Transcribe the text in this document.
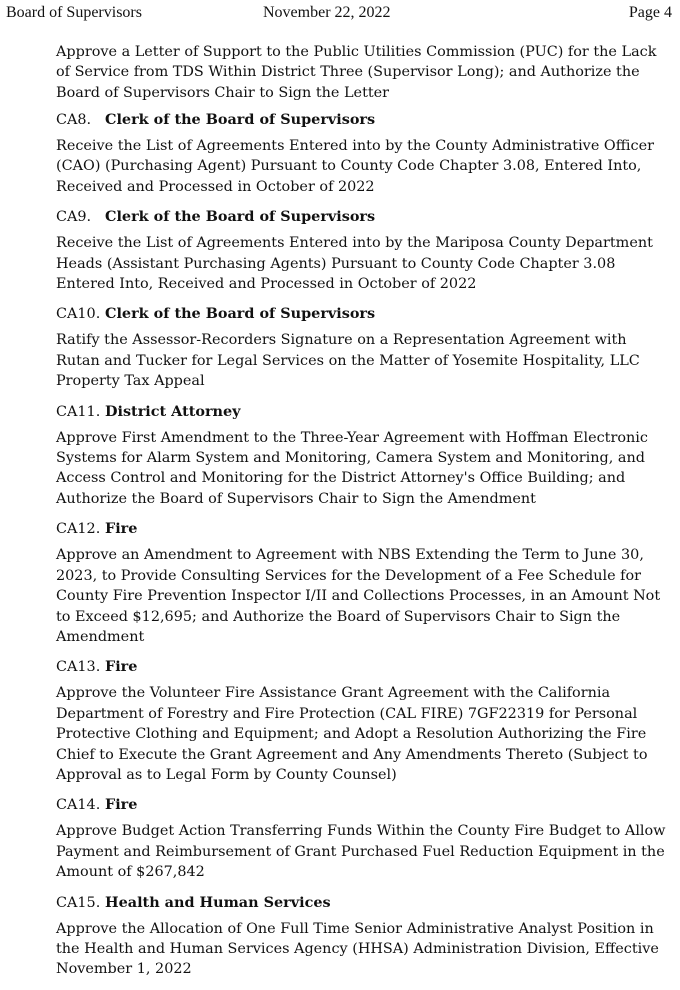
Board of Supervisors	November 22, 2022	Page 4
Approve a Letter of Support to the Public Utilities Commission (PUC) for the Lack of Service from TDS Within District Three (Supervisor Long); and Authorize the Board of Supervisors Chair to Sign the Letter
CA8. Clerk of the Board of Supervisors
Receive the List of Agreements Entered into by the County Administrative Officer (CAO) (Purchasing Agent) Pursuant to County Code Chapter 3.08, Entered Into, Received and Processed in October of 2022
CA9. Clerk of the Board of Supervisors
Receive the List of Agreements Entered into by the Mariposa County Department Heads (Assistant Purchasing Agents) Pursuant to County Code Chapter 3.08 Entered Into, Received and Processed in October of 2022
CA10. Clerk of the Board of Supervisors
Ratify the Assessor-Recorders Signature on a Representation Agreement with Rutan and Tucker for Legal Services on the Matter of Yosemite Hospitality, LLC Property Tax Appeal
CA11. District Attorney
Approve First Amendment to the Three-Year Agreement with Hoffman Electronic Systems for Alarm System and Monitoring, Camera System and Monitoring, and Access Control and Monitoring for the District Attorney's Office Building; and Authorize the Board of Supervisors Chair to Sign the Amendment
CA12. Fire
Approve an Amendment to Agreement with NBS Extending the Term to June 30, 2023, to Provide Consulting Services for the Development of a Fee Schedule for County Fire Prevention Inspector I/II and Collections Processes, in an Amount Not to Exceed $12,695; and Authorize the Board of Supervisors Chair to Sign the Amendment
CA13. Fire
Approve the Volunteer Fire Assistance Grant Agreement with the California Department of Forestry and Fire Protection (CAL FIRE) 7GF22319 for Personal Protective Clothing and Equipment; and Adopt a Resolution Authorizing the Fire Chief to Execute the Grant Agreement and Any Amendments Thereto (Subject to Approval as to Legal Form by County Counsel)
CA14. Fire
Approve Budget Action Transferring Funds Within the County Fire Budget to Allow Payment and Reimbursement of Grant Purchased Fuel Reduction Equipment in the Amount of $267,842
CA15. Health and Human Services
Approve the Allocation of One Full Time Senior Administrative Analyst Position in the Health and Human Services Agency (HHSA) Administration Division, Effective November 1, 2022
